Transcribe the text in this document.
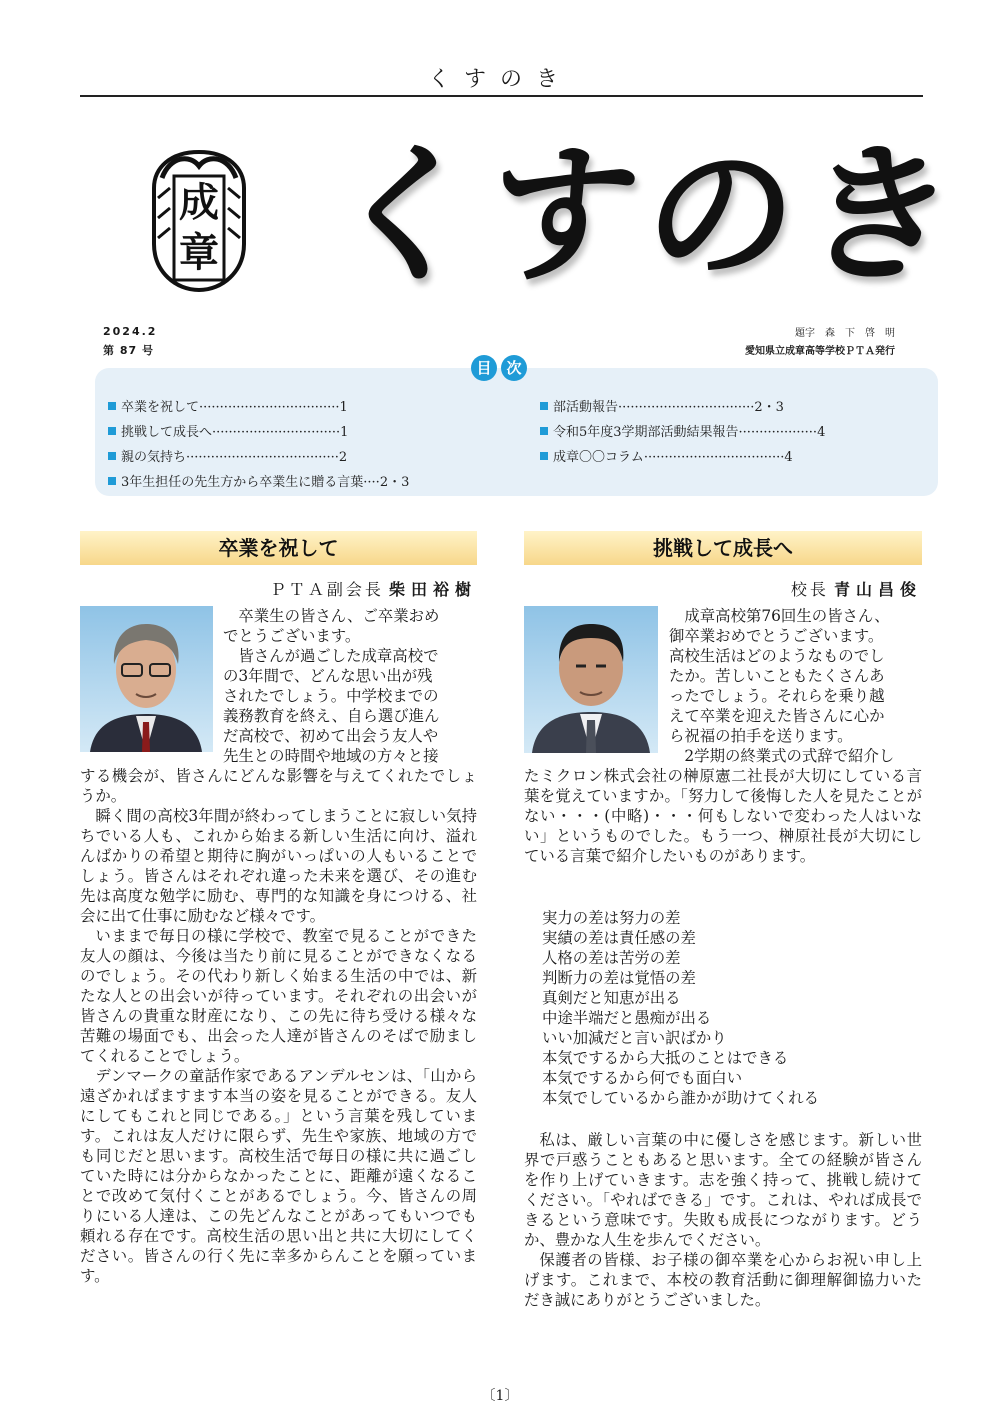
くすのき
成章 くすのき
2024.2
第 87 号
題字　森　下　啓　明
愛知県立成章高等学校ＰＴＡ発行
目 次
卒業を祝して··································1
挑戦して成長へ·······························1
親の気持ち·····································2
3年生担任の先生方から卒業生に贈る言葉····2・3
部活動報告·································2・3
令和5年度3学期部活動結果報告···················4
成章〇〇コラム··································4
卒業を祝して
ＰＴＡ副会長 柴田裕樹
卒業生の皆さん、ご卒業おめ
でとうございます。
皆さんが過ごした成章高校で
の3年間で、どんな思い出が残
されたでしょう。中学校までの
義務教育を終え、自ら選び進ん
だ高校で、初めて出会う友人や
先生との時間や地域の方々と接

する機会が、皆さんにどんな影響を与えてくれたでしょうか。

瞬く間の高校3年間が終わってしまうことに寂しい気持ちでいる人も、これから始まる新しい生活に向け、溢れんばかりの希望と期待に胸がいっぱいの人もいることでしょう。皆さんはそれぞれ違った未来を選び、その進む先は高度な勉学に励む、専門的な知識を身につける、社会に出て仕事に励むなど様々です。

いままで毎日の様に学校で、教室で見ることができた友人の顔は、今後は当たり前に見ることができなくなるのでしょう。その代わり新しく始まる生活の中では、新たな人との出会いが待っています。それぞれの出会いが皆さんの貴重な財産になり、この先に待ち受ける様々な苦難の場面でも、出会った人達が皆さんのそばで励ましてくれることでしょう。

デンマークの童話作家であるアンデルセンは、「山から遠ざかればますます本当の姿を見ることができる。友人にしてもこれと同じである。」という言葉を残しています。これは友人だけに限らず、先生や家族、地域の方でも同じだと思います。高校生活で毎日の様に共に過ごしていた時には分からなかったことに、距離が遠くなることで改めて気付くことがあるでしょう。今、皆さんの周りにいる人達は、この先どんなことがあってもいつでも頼れる存在です。高校生活の思い出と共に大切にしてください。皆さんの行く先に幸多からんことを願っています。

挑戦して成長へ
校長 青山昌俊
成章高校第76回生の皆さん、
御卒業おめでとうございます。
高校生活はどのようなものでし
たか。苦しいこともたくさんあ
ったでしょう。それらを乗り越
えて卒業を迎えた皆さんに心か
ら祝福の拍手を送ります。
2学期の終業式の式辞で紹介し

たミクロン株式会社の榊原憲二社長が大切にしている言葉を覚えていますか。「努力して後悔した人を見たことがない・・・(中略)・・・何もしないで変わった人はいない」というものでした。もう一つ、榊原社長が大切にしている言葉で紹介したいものがあります。

実力の差は努力の差
実績の差は責任感の差
人格の差は苦労の差
判断力の差は覚悟の差
真剣だと知恵が出る
中途半端だと愚痴が出る
いい加減だと言い訳ばかり
本気でするから大抵のことはできる
本気でするから何でも面白い
本気でしているから誰かが助けてくれる

私は、厳しい言葉の中に優しさを感じます。新しい世界で戸惑うこともあると思います。全ての経験が皆さんを作り上げていきます。志を強く持って、挑戦し続けてください。「やればできる」です。これは、やれば成長できるという意味です。失敗も成長につながります。どうか、豊かな人生を歩んでください。

保護者の皆様、お子様の御卒業を心からお祝い申し上げます。これまで、本校の教育活動に御理解御協力いただき誠にありがとうございました。

〔1〕
